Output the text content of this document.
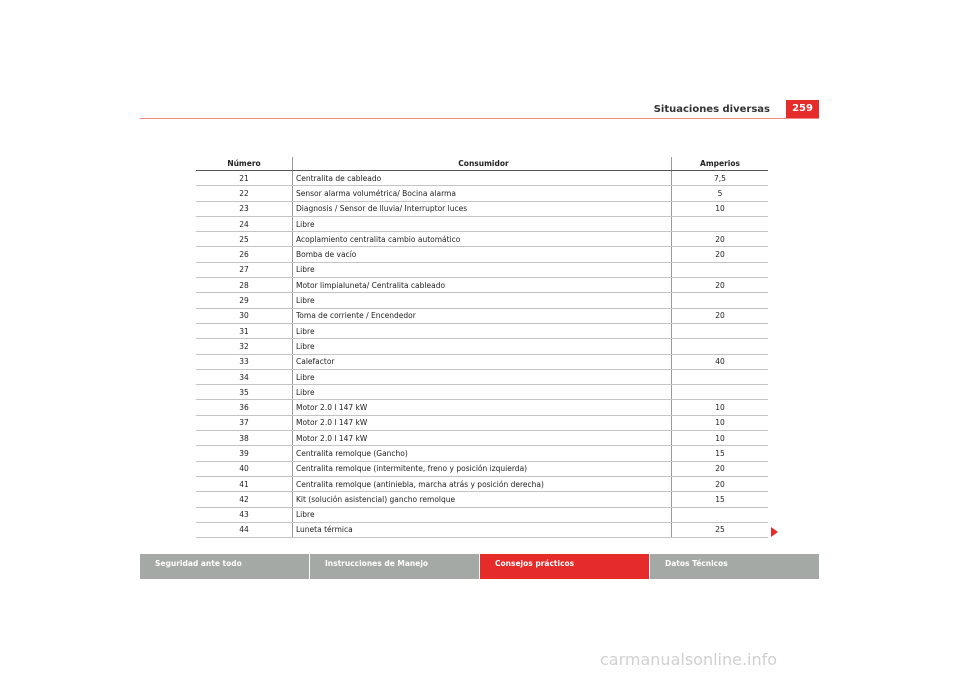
Situaciones diversas	259
Número	Consumidor	Amperios
21	Centralita de cableado	7,5
22	Sensor alarma volumétrica/ Bocina alarma	5
23	Diagnosis / Sensor de lluvia/ Interruptor luces	10
24	Libre	
25	Acoplamiento centralita cambio automático	20
26	Bomba de vacío	20
27	Libre	
28	Motor limpialuneta/ Centralita cableado	20
29	Libre	
30	Toma de corriente / Encendedor	20
31	Libre	
32	Libre	
33	Calefactor	40
34	Libre	
35	Libre	
36	Motor 2.0 l 147 kW	10
37	Motor 2.0 l 147 kW	10
38	Motor 2.0 l 147 kW	10
39	Centralita remolque (Gancho)	15
40	Centralita remolque (intermitente, freno y posición izquierda)	20
41	Centralita remolque (antiniebla, marcha atrás y posición derecha)	20
42	Kit (solución asistencial) gancho remolque	15
43	Libre	
44	Luneta térmica	25
Seguridad ante todo	Instrucciones de Manejo	Consejos prácticos	Datos Técnicos
carmanualsonline.info
